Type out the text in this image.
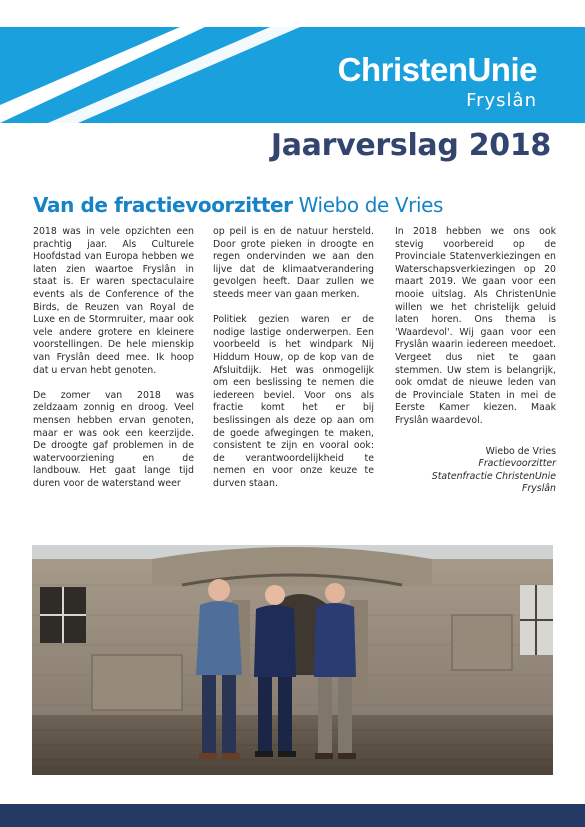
ChristenUnie
Fryslân
Jaarverslag 2018
Van de fractievoorzitter Wiebo de Vries

2018 was in vele opzichten een prachtig jaar. Als Culturele Hoofdstad van Europa hebben we laten zien waartoe Fryslân in staat is. Er waren spectaculaire events als de Conference of the Birds, de Reuzen van Royal de Luxe en de Stormruiter, maar ook vele andere grotere en kleinere voorstellingen. De hele mienskip van Fryslân deed mee. Ik hoop dat u ervan hebt genoten.

De zomer van 2018 was zeldzaam zonnig en droog. Veel mensen hebben ervan genoten, maar er was ook een keerzijde. De droogte gaf problemen in de watervoorziening en de landbouw. Het gaat lange tijd duren voor de waterstand weer

op peil is en de natuur hersteld. Door grote pieken in droogte en regen ondervinden we aan den lijve dat de klimaatverandering gevolgen heeft. Daar zullen we steeds meer van gaan merken.

Politiek gezien waren er de nodige lastige onderwerpen. Een voorbeeld is het windpark Nij Hiddum Houw, op de kop van de Afsluitdijk. Het was onmogelijk om een beslissing te nemen die iedereen beviel. Voor ons als fractie komt het er bij beslissingen als deze op aan om de goede afwegingen te maken, consistent te zijn en vooral ook: de verantwoordelijkheid te nemen en voor onze keuze te durven staan.

In 2018 hebben we ons ook stevig voorbereid op de Provinciale Statenverkiezingen en Waterschapsverkiezingen op 20 maart 2019. We gaan voor een mooie uitslag. Als ChristenUnie willen we het christelijk geluid laten horen. Ons thema is 'Waardevol'. Wij gaan voor een Fryslân waarin iedereen meedoet. Vergeet dus niet te gaan stemmen. Uw stem is belangrijk, ook omdat de nieuwe leden van de Provinciale Staten in mei de Eerste Kamer kiezen. Maak Fryslân waardevol.

Wiebo de Vries
Fractievoorzitter
Statenfractie ChristenUnie Fryslân
